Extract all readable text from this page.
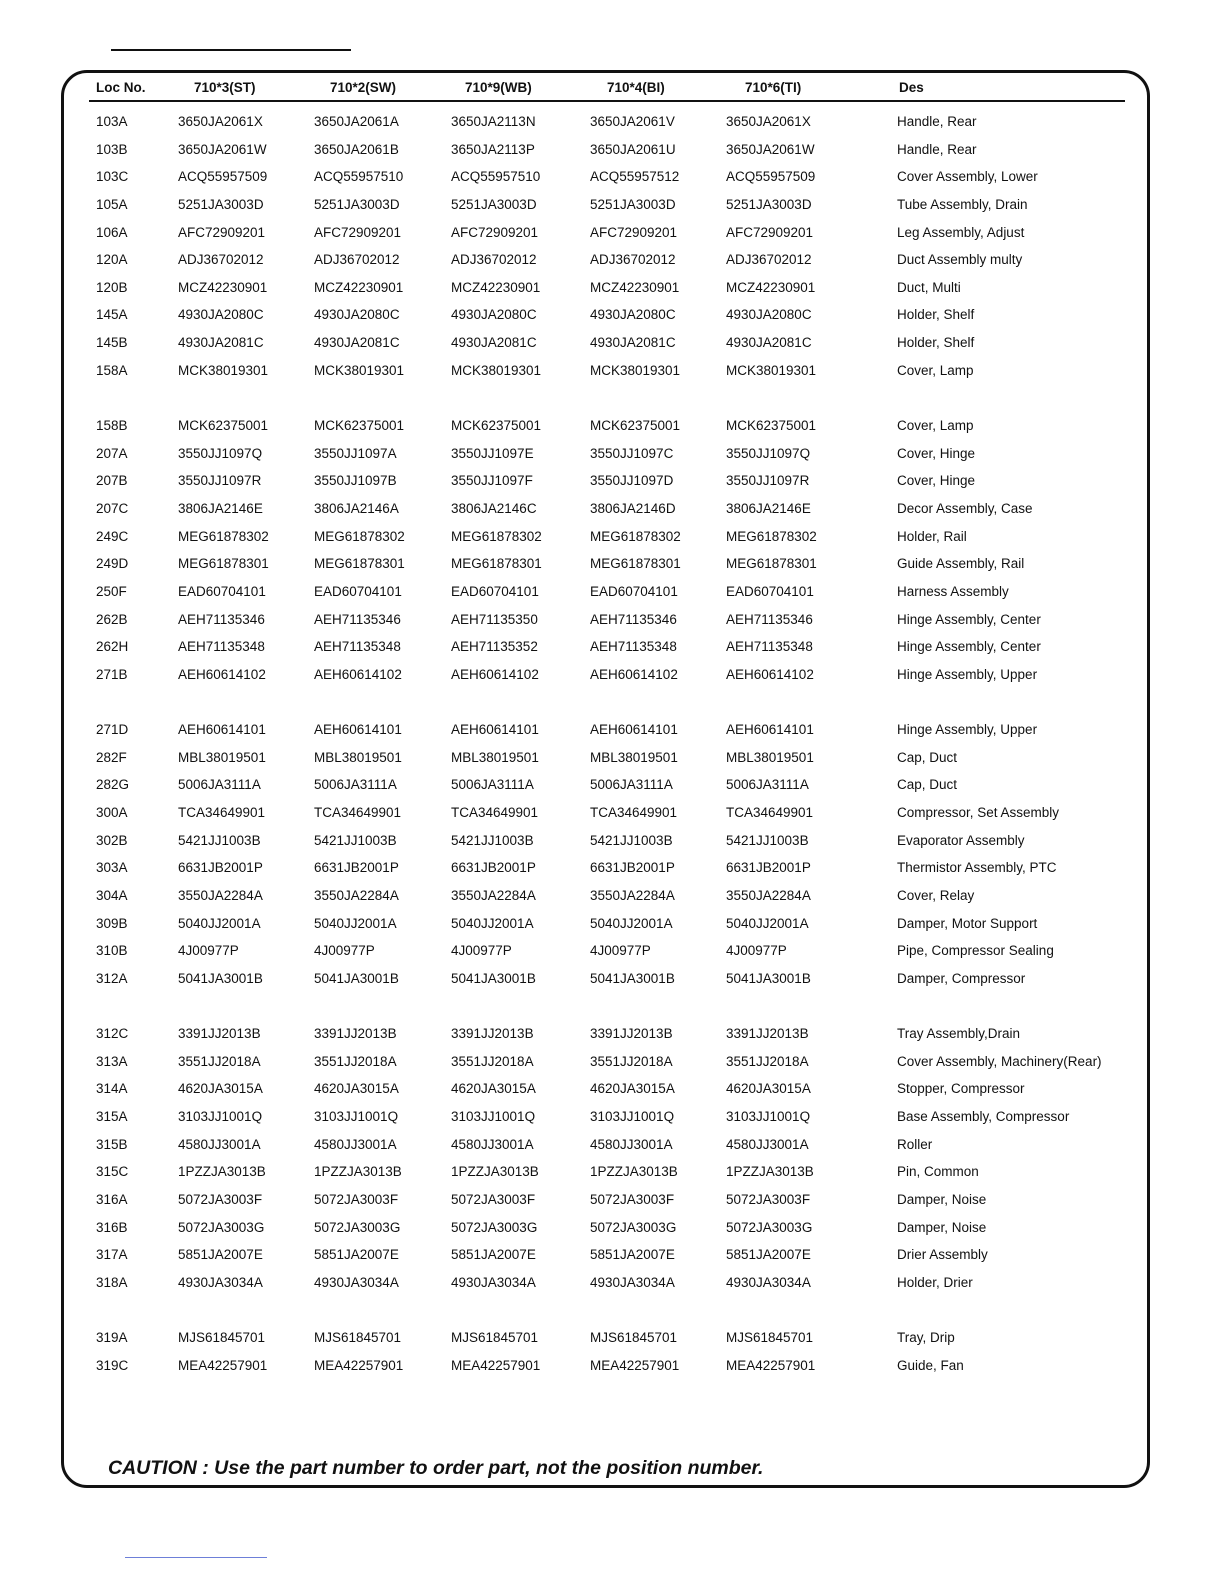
Loc No.	710*3(ST)	710*2(SW)	710*9(WB)	710*4(BI)	710*6(TI)	Des
103A	3650JA2061X	3650JA2061A	3650JA2113N	3650JA2061V	3650JA2061X	Handle, Rear
103B	3650JA2061W	3650JA2061B	3650JA2113P	3650JA2061U	3650JA2061W	Handle, Rear
103C	ACQ55957509	ACQ55957510	ACQ55957510	ACQ55957512	ACQ55957509	Cover Assembly, Lower
105A	5251JA3003D	5251JA3003D	5251JA3003D	5251JA3003D	5251JA3003D	Tube Assembly, Drain
106A	AFC72909201	AFC72909201	AFC72909201	AFC72909201	AFC72909201	Leg Assembly, Adjust
120A	ADJ36702012	ADJ36702012	ADJ36702012	ADJ36702012	ADJ36702012	Duct Assembly multy
120B	MCZ42230901	MCZ42230901	MCZ42230901	MCZ42230901	MCZ42230901	Duct, Multi
145A	4930JA2080C	4930JA2080C	4930JA2080C	4930JA2080C	4930JA2080C	Holder, Shelf
145B	4930JA2081C	4930JA2081C	4930JA2081C	4930JA2081C	4930JA2081C	Holder, Shelf
158A	MCK38019301	MCK38019301	MCK38019301	MCK38019301	MCK38019301	Cover, Lamp
158B	MCK62375001	MCK62375001	MCK62375001	MCK62375001	MCK62375001	Cover, Lamp
207A	3550JJ1097Q	3550JJ1097A	3550JJ1097E	3550JJ1097C	3550JJ1097Q	Cover, Hinge
207B	3550JJ1097R	3550JJ1097B	3550JJ1097F	3550JJ1097D	3550JJ1097R	Cover, Hinge
207C	3806JA2146E	3806JA2146A	3806JA2146C	3806JA2146D	3806JA2146E	Decor Assembly, Case
249C	MEG61878302	MEG61878302	MEG61878302	MEG61878302	MEG61878302	Holder, Rail
249D	MEG61878301	MEG61878301	MEG61878301	MEG61878301	MEG61878301	Guide Assembly, Rail
250F	EAD60704101	EAD60704101	EAD60704101	EAD60704101	EAD60704101	Harness Assembly
262B	AEH71135346	AEH71135346	AEH71135350	AEH71135346	AEH71135346	Hinge Assembly, Center
262H	AEH71135348	AEH71135348	AEH71135352	AEH71135348	AEH71135348	Hinge Assembly, Center
271B	AEH60614102	AEH60614102	AEH60614102	AEH60614102	AEH60614102	Hinge Assembly, Upper
271D	AEH60614101	AEH60614101	AEH60614101	AEH60614101	AEH60614101	Hinge Assembly, Upper
282F	MBL38019501	MBL38019501	MBL38019501	MBL38019501	MBL38019501	Cap, Duct
282G	5006JA3111A	5006JA3111A	5006JA3111A	5006JA3111A	5006JA3111A	Cap, Duct
300A	TCA34649901	TCA34649901	TCA34649901	TCA34649901	TCA34649901	Compressor, Set Assembly
302B	5421JJ1003B	5421JJ1003B	5421JJ1003B	5421JJ1003B	5421JJ1003B	Evaporator Assembly
303A	6631JB2001P	6631JB2001P	6631JB2001P	6631JB2001P	6631JB2001P	Thermistor Assembly, PTC
304A	3550JA2284A	3550JA2284A	3550JA2284A	3550JA2284A	3550JA2284A	Cover, Relay
309B	5040JJ2001A	5040JJ2001A	5040JJ2001A	5040JJ2001A	5040JJ2001A	Damper, Motor Support
310B	4J00977P	4J00977P	4J00977P	4J00977P	4J00977P	Pipe, Compressor Sealing
312A	5041JA3001B	5041JA3001B	5041JA3001B	5041JA3001B	5041JA3001B	Damper, Compressor
312C	3391JJ2013B	3391JJ2013B	3391JJ2013B	3391JJ2013B	3391JJ2013B	Tray Assembly,Drain
313A	3551JJ2018A	3551JJ2018A	3551JJ2018A	3551JJ2018A	3551JJ2018A	Cover Assembly, Machinery(Rear)
314A	4620JA3015A	4620JA3015A	4620JA3015A	4620JA3015A	4620JA3015A	Stopper, Compressor
315A	3103JJ1001Q	3103JJ1001Q	3103JJ1001Q	3103JJ1001Q	3103JJ1001Q	Base Assembly, Compressor
315B	4580JJ3001A	4580JJ3001A	4580JJ3001A	4580JJ3001A	4580JJ3001A	Roller
315C	1PZZJA3013B	1PZZJA3013B	1PZZJA3013B	1PZZJA3013B	1PZZJA3013B	Pin, Common
316A	5072JA3003F	5072JA3003F	5072JA3003F	5072JA3003F	5072JA3003F	Damper, Noise
316B	5072JA3003G	5072JA3003G	5072JA3003G	5072JA3003G	5072JA3003G	Damper, Noise
317A	5851JA2007E	5851JA2007E	5851JA2007E	5851JA2007E	5851JA2007E	Drier Assembly
318A	4930JA3034A	4930JA3034A	4930JA3034A	4930JA3034A	4930JA3034A	Holder, Drier
319A	MJS61845701	MJS61845701	MJS61845701	MJS61845701	MJS61845701	Tray, Drip
319C	MEA42257901	MEA42257901	MEA42257901	MEA42257901	MEA42257901	Guide, Fan
CAUTION : Use the part number to order part, not the position number.
